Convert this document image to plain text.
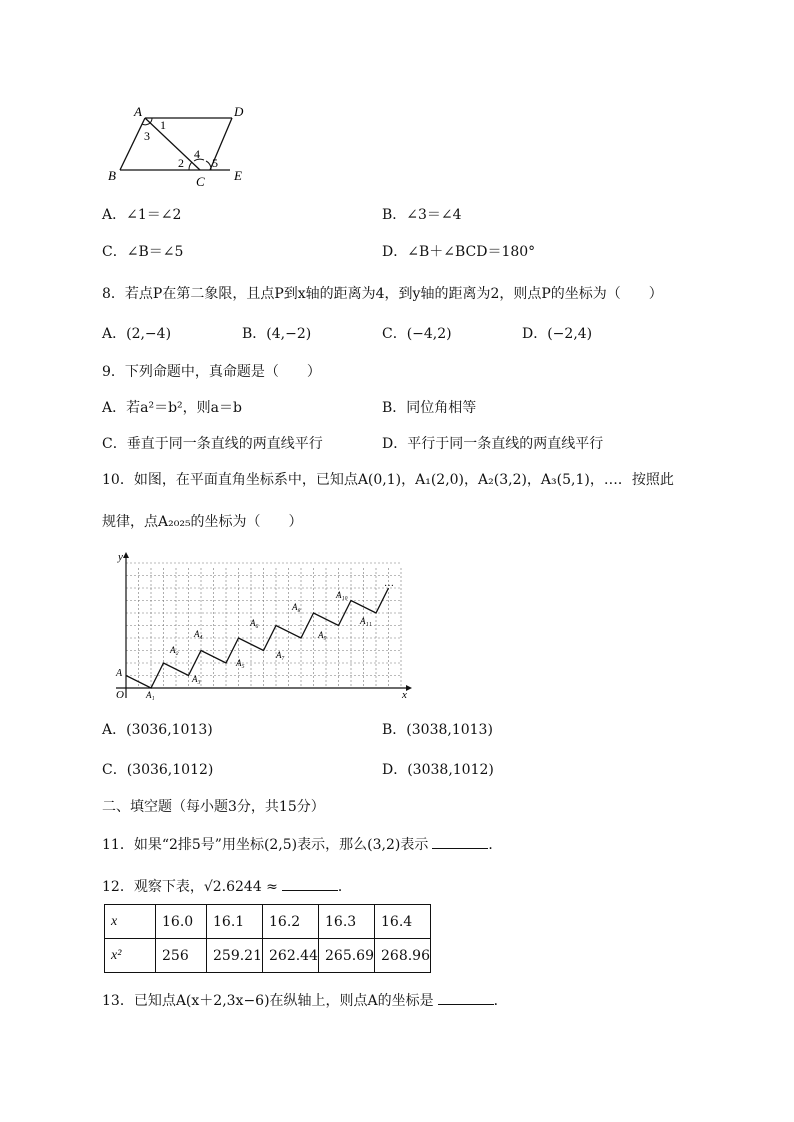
A	D
B	C E
1
3
2
4
5
A．∠1＝∠2	B．∠3＝∠4
C．∠B＝∠5	D．∠B＋∠BCD＝180°
8．若点P在第二象限，且点P到x轴的距离为4，到y轴的距离为2，则点P的坐标为（　　）
A．(2,−4)	B．(4,−2)	C．(−4,2)	D．(−2,4)
9．下列命题中，真命题是（　　）
A．若a²＝b²，则a＝b	B．同位角相等
C．垂直于同一条直线的两直线平行	D．平行于同一条直线的两直线平行
10．如图，在平面直角坐标系中，已知点A(0,1)，A₁(2,0)，A₂(3,2)，A₃(5,1)，…．按照此
规律，点A₂₀₂₅的坐标为（　　）
y
x
O
A
A₁
A₂
A₃
A₄
A₅
A₆
A₇
A₈
A₉
A₁₀
A₁₁
…
A．(3036,1013)	B．(3038,1013)
C．(3036,1012)	D．(3038,1012)
二、填空题（每小题3分，共15分）
11．如果“2排5号”用坐标(2,5)表示，那么(3,2)表示	．
12．观察下表，√2.6244 ≈	．
x	16.0	16.1	16.2	16.3	16.4
x²	256	259.21	262.44	265.69	268.96
13．已知点A(x＋2,3x−6)在纵轴上，则点A的坐标是	．
